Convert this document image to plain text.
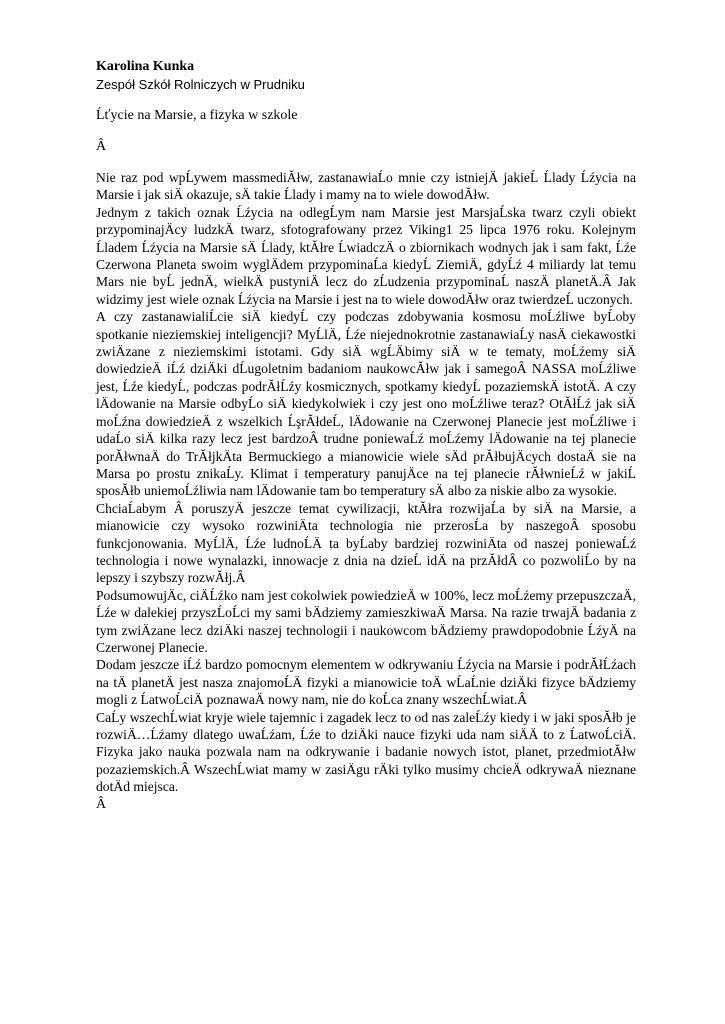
Karolina Kunka

Zespół Szkół Rolniczych w Prudniku

Ĺťycie na Marsie, a fizyka w szkole

Â

Nie raz pod wpĹywem massmediĂłw, zastanawiaĹo mnie czy istniejÄ jakieĹ Ĺlady Ĺźycia na Marsie i jak siÄ okazuje, sÄ takie Ĺlady i mamy na to wiele dowodĂłw.

Jednym z takich oznak Ĺźycia na odlegĹym nam Marsie jest MarsjaĹska twarz czyli obiekt przypominajÄcy ludzkÄ twarz, sfotografowany przez Viking1 25 lipca 1976 roku. Kolejnym Ĺladem Ĺźycia na Marsie sÄ Ĺlady, ktĂłre ĹwiadczÄ o zbiornikach wodnych jak i sam fakt, Ĺźe Czerwona Planeta swoim wyglÄdem przypominaĹa kiedyĹ ZiemiÄ, gdyĹź 4 miliardy lat temu Mars nie byĹ jednÄ, wielkÄ pustyniÄ lecz do zĹudzenia przypominaĹ naszÄ planetÄ.Â Jak widzimy jest wiele oznak Ĺźycia na Marsie i jest na to wiele dowodĂłw oraz twierdzeĹ uczonych.

A czy zastanawialiĹcie siÄ kiedyĹ czy podczas zdobywania kosmosu moĹźliwe byĹoby spotkanie nieziemskiej inteligencji? MyĹlÄ, Ĺźe niejednokrotnie zastanawiaĹy nasÄ ciekawostki zwiÄzane z nieziemskimi istotami. Gdy siÄ wgĹÄbimy siÄ w te tematy, moĹźemy siÄ dowiedzieÄ iĹź dziÄki dĹugoletnim badaniom naukowcĂłw jak i samegoÂ NASSA moĹźliwe jest, Ĺźe kiedyĹ, podczas podrĂłĹźy kosmicznych, spotkamy kiedyĹ pozaziemskÄ istotÄ. A czy lÄdowanie na Marsie odbyĹo siÄ kiedykolwiek i czy jest ono moĹźliwe teraz? OtĂłĹź jak siÄ moĹźna dowiedzieÄ z wszelkich ĹşrĂłdeĹ, lÄdowanie na Czerwonej Planecie jest moĹźliwe i udaĹo siÄ kilka razy lecz jest bardzoÂ trudne poniewaĹź moĹźemy lÄdowanie na tej planecie porĂłwnaÄ do TrĂłjkÄta Bermuckiego a mianowicie wiele sÄd prĂłbujÄcych dostaÄ sie na Marsa po prostu znikaĹy. Klimat i temperatury panujÄce na tej planecie rĂłwnieĹź w jakiĹ sposĂłb uniemoĹźliwia nam lÄdowanie tam bo temperatury sÄ albo za niskie albo za wysokie.

ChciaĹabym Â poruszyÄ jeszcze temat cywilizacji, ktĂłra rozwijaĹa by siÄ na Marsie, a mianowicie czy wysoko rozwiniÄta technologia nie przerosĹa by naszegoÂ sposobu funkcjonowania. MyĹlÄ, Ĺźe ludnoĹÄ ta byĹaby bardziej rozwiniÄta od naszej poniewaĹź technologia i nowe wynalazki, innowacje z dnia na dzieĹ idÄ na przĂłdÂ co pozwoliĹo by na lepszy i szybszy rozwĂłj.Â

PodsumowujÄc, ciÄĹźko nam jest cokolwiek powiedzieÄ w 100%, lecz moĹźemy przepuszczaÄ, Ĺźe w dalekiej przyszĹoĹci my sami bÄdziemy zamieszkiwaÄ Marsa. Na razie trwajÄ badania z tym zwiÄzane lecz dziÄki naszej technologii i naukowcom bÄdziemy prawdopodobnie ĹźyÄ na Czerwonej Planecie.

Dodam jeszcze iĹź bardzo pomocnym elementem w odkrywaniu Ĺźycia na Marsie i podrĂłĹźach na tÄ planetÄ jest nasza znajomoĹÄ fizyki a mianowicie toÄ wĹaĹnie dziÄki fizyce bÄdziemy mogli z ĹatwoĹciÄ poznawaÄ nowy nam, nie do koĹca znany wszechĹwiat.Â

CaĹy wszechĹwiat kryje wiele tajemnic i zagadek lecz to od nas zaleĹźy kiedy i w jaki sposĂłb je rozwiÄ…Ĺźamy dlatego uwaĹźam, Ĺźe to dziÄki nauce fizyki uda nam siÄÄ to z ĹatwoĹciÄ. Fizyka jako nauka pozwala nam na odkrywanie i badanie nowych istot, planet, przedmiotĂłw pozaziemskich.Â WszechĹwiat mamy w zasiÄgu rÄki tylko musimy chcieÄ odkrywaÄ nieznane dotÄd miejsca.

Â
